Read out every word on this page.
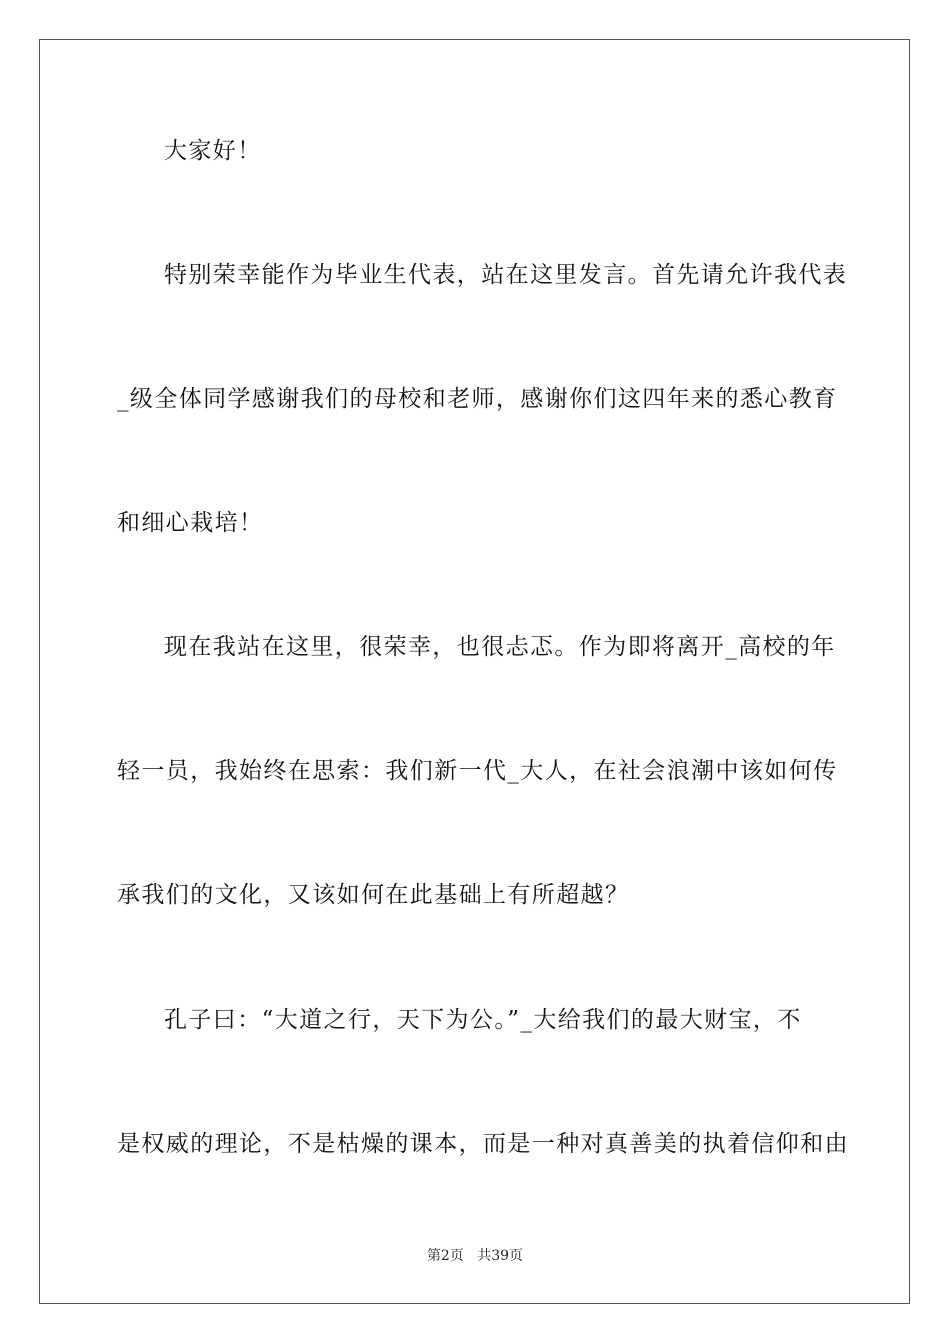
大家好！
特别荣幸能作为毕业生代表，站在这里发言。首先请允许我代表
_级全体同学感谢我们的母校和老师，感谢你们这四年来的悉心教育
和细心栽培！
现在我站在这里，很荣幸，也很忐忑。作为即将离开_高校的年
轻一员，我始终在思索：我们新一代_大人，在社会浪潮中该如何传
承我们的文化，又该如何在此基础上有所超越？
孔子曰：“大道之行，天下为公。”_大给我们的最大财宝，不
是权威的理论，不是枯燥的课本，而是一种对真善美的执着信仰和由
第2页 共39页
